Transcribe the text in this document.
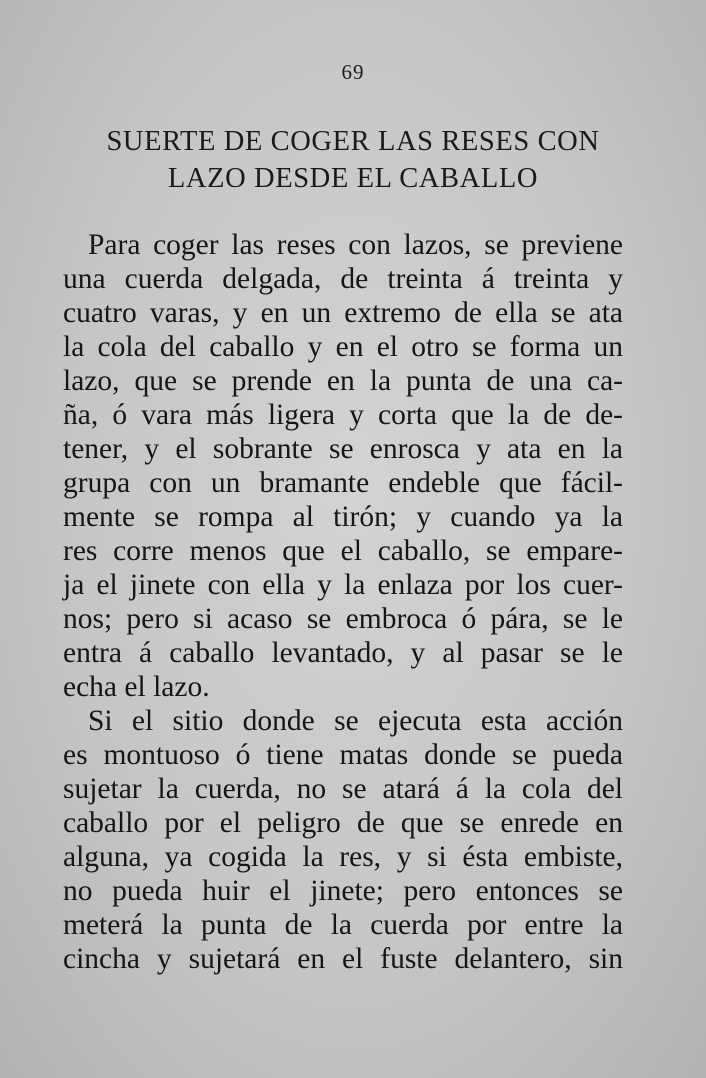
69
SUERTE DE COGER LAS RESES CON
LAZO DESDE EL CABALLO
Para coger las reses con lazos, se previene
una cuerda delgada, de treinta á treinta y
cuatro varas, y en un extremo de ella se ata
la cola del caballo y en el otro se forma un
lazo, que se prende en la punta de una ca-
ña, ó vara más ligera y corta que la de de-
tener, y el sobrante se enrosca y ata en la
grupa con un bramante endeble que fácil-
mente se rompa al tirón; y cuando ya la
res corre menos que el caballo, se empare-
ja el jinete con ella y la enlaza por los cuer-
nos; pero si acaso se embroca ó pára, se le
entra á caballo levantado, y al pasar se le
echa el lazo.
Si el sitio donde se ejecuta esta acción
es montuoso ó tiene matas donde se pueda
sujetar la cuerda, no se atará á la cola del
caballo por el peligro de que se enrede en
alguna, ya cogida la res, y si ésta embiste,
no pueda huir el jinete; pero entonces se
meterá la punta de la cuerda por entre la
cincha y sujetará en el fuste delantero, sin
